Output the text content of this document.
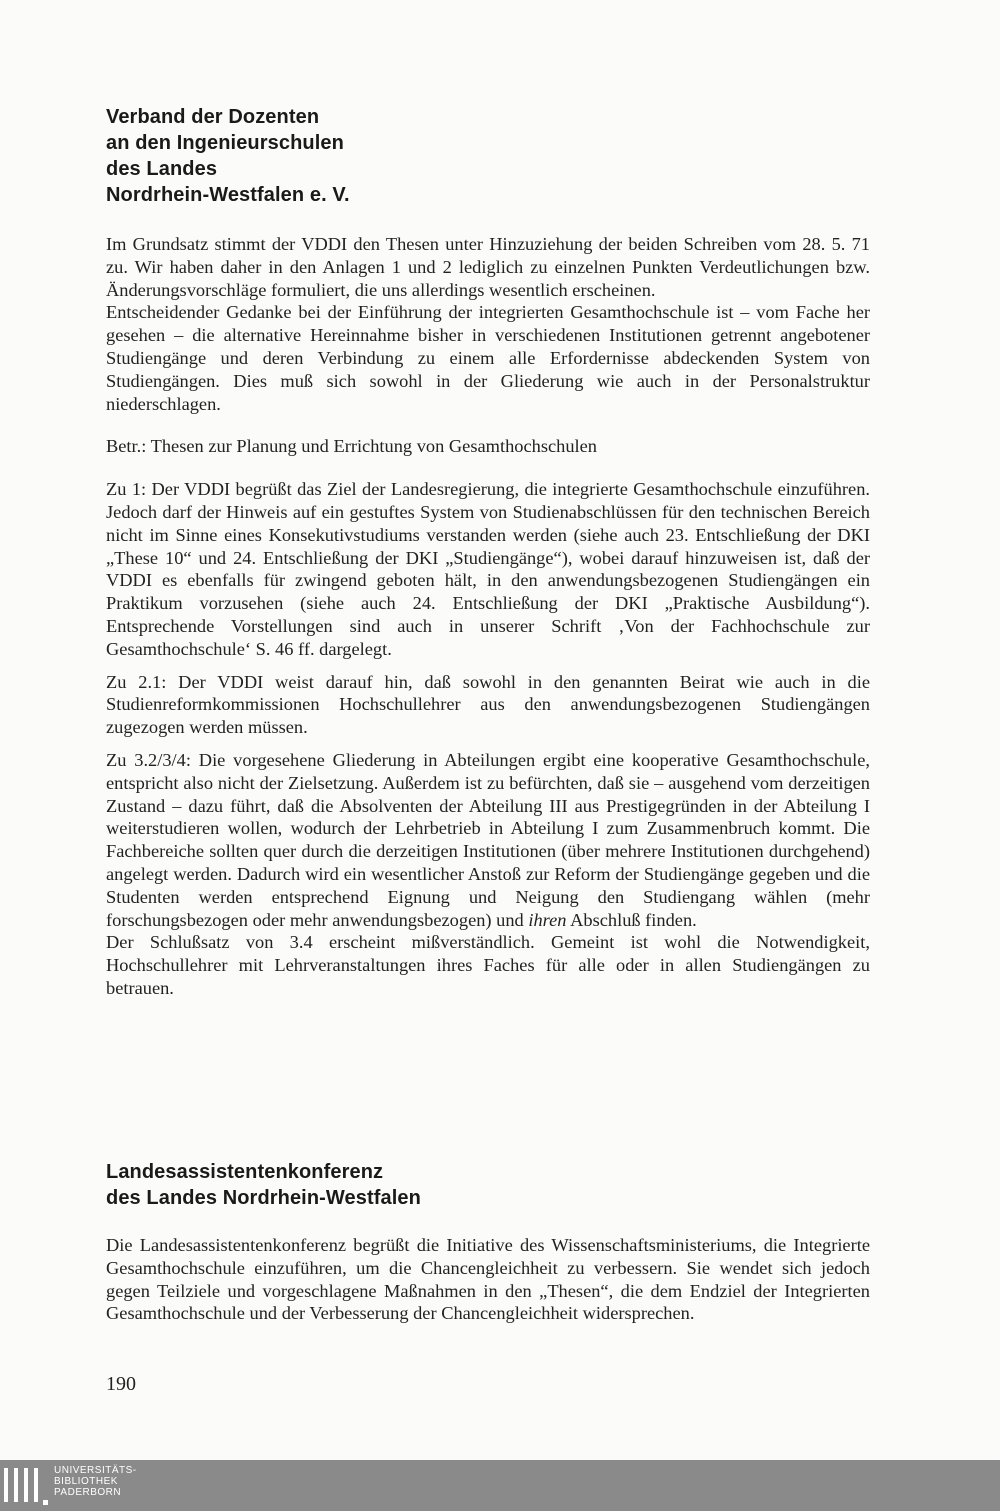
Verband der Dozenten
an den Ingenieurschulen
des Landes
Nordrhein-Westfalen e. V.

Im Grundsatz stimmt der VDDI den Thesen unter Hinzuziehung der beiden Schreiben vom 28. 5. 71 zu. Wir haben daher in den Anlagen 1 und 2 lediglich zu einzelnen Punkten Verdeutlichungen bzw. Änderungsvorschläge formuliert, die uns allerdings wesentlich erscheinen.

Entscheidender Gedanke bei der Einführung der integrierten Gesamthochschule ist – vom Fache her gesehen – die alternative Hereinnahme bisher in verschiedenen Institutionen getrennt angebotener Studiengänge und deren Verbindung zu einem alle Erfordernisse abdeckenden System von Studiengängen. Dies muß sich sowohl in der Gliederung wie auch in der Personalstruktur niederschlagen.

Betr.: Thesen zur Planung und Errichtung von Gesamthochschulen

Zu 1: Der VDDI begrüßt das Ziel der Landesregierung, die integrierte Gesamthochschule einzuführen. Jedoch darf der Hinweis auf ein gestuftes System von Studienabschlüssen für den technischen Bereich nicht im Sinne eines Konsekutivstudiums verstanden werden (siehe auch 23. Entschließung der DKI „These 10“ und 24. Entschließung der DKI „Studiengänge“), wobei darauf hinzuweisen ist, daß der VDDI es ebenfalls für zwingend geboten hält, in den anwendungsbezogenen Studiengängen ein Praktikum vorzusehen (siehe auch 24. Entschließung der DKI „Praktische Ausbildung“). Entsprechende Vorstellungen sind auch in unserer Schrift ‚Von der Fachhochschule zur Gesamthochschule‘ S. 46 ff. dargelegt.

Zu 2.1: Der VDDI weist darauf hin, daß sowohl in den genannten Beirat wie auch in die Studienreformkommissionen Hochschullehrer aus den anwendungsbezogenen Studiengängen zugezogen werden müssen.

Zu 3.2/3/4: Die vorgesehene Gliederung in Abteilungen ergibt eine kooperative Gesamthochschule, entspricht also nicht der Zielsetzung. Außerdem ist zu befürchten, daß sie – ausgehend vom derzeitigen Zustand – dazu führt, daß die Absolventen der Abteilung III aus Prestigegründen in der Abteilung I weiterstudieren wollen, wodurch der Lehrbetrieb in Abteilung I zum Zusammenbruch kommt. Die Fachbereiche sollten quer durch die derzeitigen Institutionen (über mehrere Institutionen durchgehend) angelegt werden. Dadurch wird ein wesentlicher Anstoß zur Reform der Studiengänge gegeben und die Studenten werden entsprechend Eignung und Neigung den Studiengang wählen (mehr forschungsbezogen oder mehr anwendungsbezogen) und ihren Abschluß finden.

Der Schlußsatz von 3.4 erscheint mißverständlich. Gemeint ist wohl die Notwendigkeit, Hochschullehrer mit Lehrveranstaltungen ihres Faches für alle oder in allen Studiengängen zu betrauen.

Landesassistentenkonferenz
des Landes Nordrhein-Westfalen

Die Landesassistentenkonferenz begrüßt die Initiative des Wissenschaftsministeriums, die Integrierte Gesamthochschule einzuführen, um die Chancengleichheit zu verbessern. Sie wendet sich jedoch gegen Teilziele und vorgeschlagene Maßnahmen in den „Thesen“, die dem Endziel der Integrierten Gesamthochschule und der Verbesserung der Chancengleichheit widersprechen.

190
UNIVERSITÄTS-
BIBLIOTHEK
PADERBORN
